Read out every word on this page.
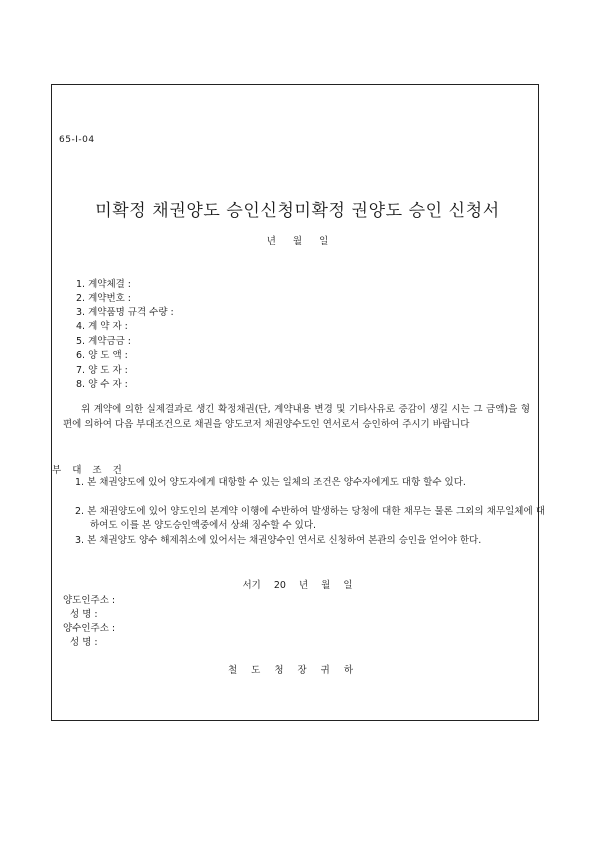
65-I-04
미확정 채권양도 승인신청미확정 권양도 승인 신청서
년 월 일
1. 계약체결 :
2. 계약번호 :
3. 계약품명 규격 수량 :
4. 계 약 자 :
5. 계약금금 :
6. 양 도 액 :
7. 양 도 자 :
8. 양 수 자 :
위 계약에 의한 실제결과로 생긴 확정채권(단, 계약내용 변경 및 기타사유로 증감이 생길 시는 그 금액)을 형편에 의하여 다음 부대조건으로 채권을 양도코저 채권양수도인 연서로서 승인하여 주시기 바랍니다
부 대 조 건
1. 본 채권양도에 있어 양도자에게 대항할 수 있는 일체의 조건은 양수자에게도 대항 할수 있다.
2. 본 채권양도에 있어 양도인의 본계약 이행에 수반하여 발생하는 당청에 대한 채무는 물론 그외의 채무일체에 대하여도 이를 본 양도승인액중에서 상쇄 징수할 수 있다.
3. 본 채권양도 양수 해제취소에 있어서는 채권양수인 연서로 신청하여 본관의 승인을 얻어야 한다.
서기 20 년 월 일
양도인주소 :
성 명 :
양수인주소 :
성 명 :
철도청장귀하
